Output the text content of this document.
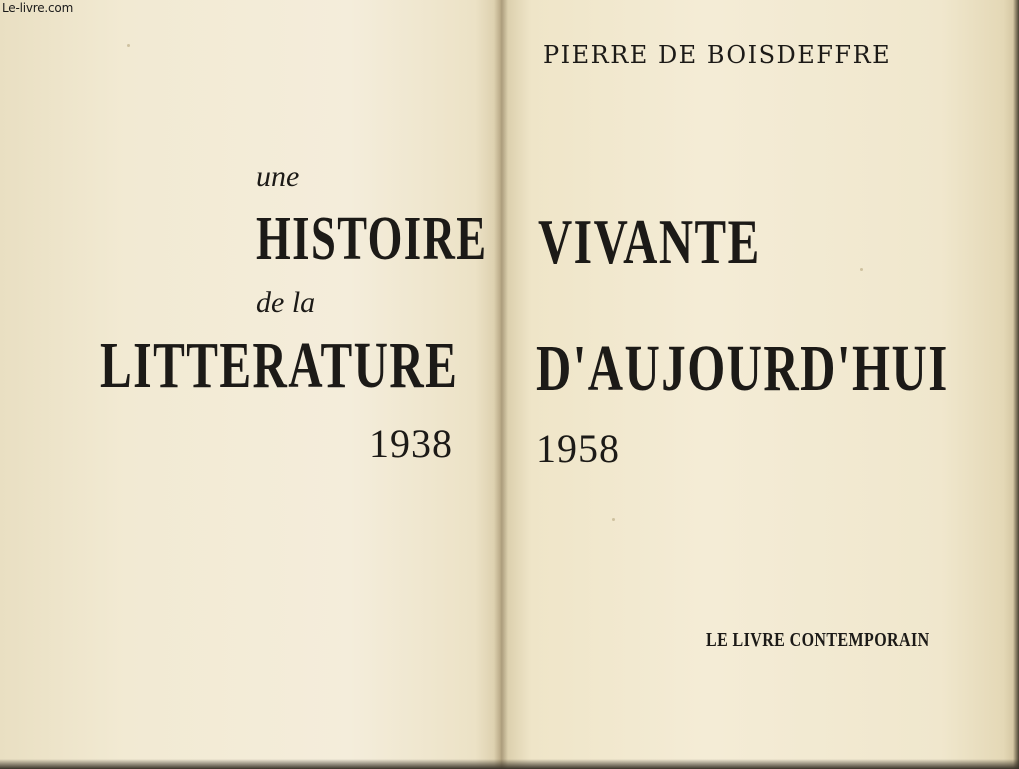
Le-livre.com
une
HISTOIRE
de la
LITTERATURE
1938
PIERRE DE BOISDEFFRE
VIVANTE
D'AUJOURD'HUI
1958
LE LIVRE CONTEMPORAIN
